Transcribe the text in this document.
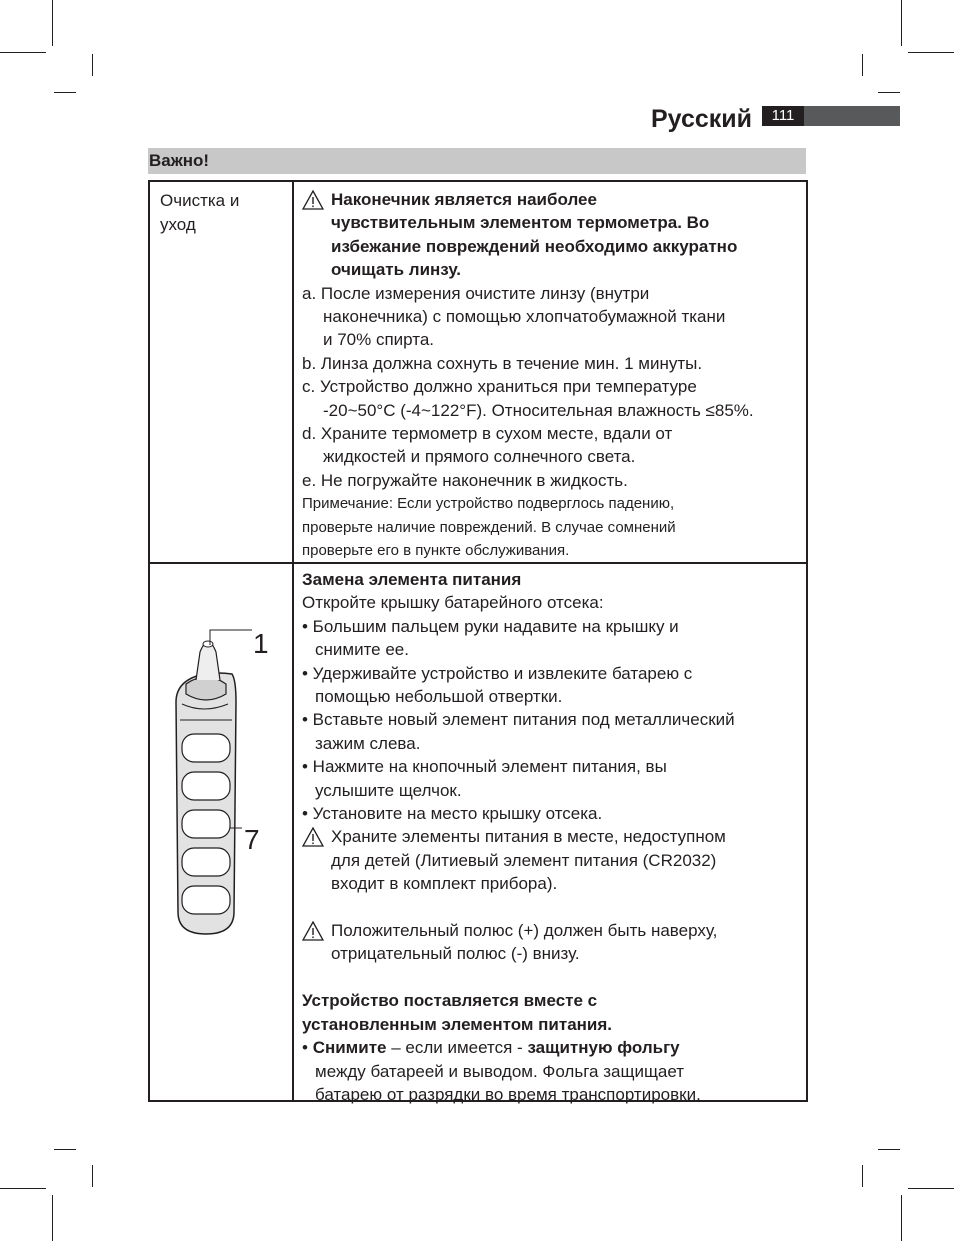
Русский	111
Важно!
Очистка и
уход
Наконечник является наиболее
чувствительным элементом термометра. Во
избежание повреждений необходимо аккуратно
очищать линзу.
a. После измерения очистите линзу (внутри
наконечника) с помощью хлопчатобумажной ткани
и 70% спирта.
b. Линза должна сохнуть в течение мин. 1 минуты.
c. Устройство должно храниться при температуре
-20~50°C (-4~122°F). Относительная влажность ≤85%.
d. Храните термометр в сухом месте, вдали от
жидкостей и прямого солнечного света.
e. Не погружайте наконечник в жидкость.
Примечание: Если устройство подверглось падению,
проверьте наличие повреждений. В случае сомнений
проверьте его в пункте обслуживания.
1
7
Замена элемента питания
Откройте крышку батарейного отсека:
• Большим пальцем руки надавите на крышку и
снимите ее.
• Удерживайте устройство и извлеките батарею с
помощью небольшой отвертки.
• Вставьте новый элемент питания под металлический
зажим слева.
• Нажмите на кнопочный элемент питания, вы
услышите щелчок.
• Установите на место крышку отсека.
Храните элементы питания в месте, недоступном
для детей (Литиевый элемент питания (CR2032)
входит в комплект прибора).
Положительный полюс (+) должен быть наверху,
отрицательный полюс (-) внизу.
Устройство поставляется вместе с
установленным элементом питания.
• Снимите – если имеется - защитную фольгу
между батареей и выводом. Фольга защищает
батарею от разрядки во время транспортировки.
